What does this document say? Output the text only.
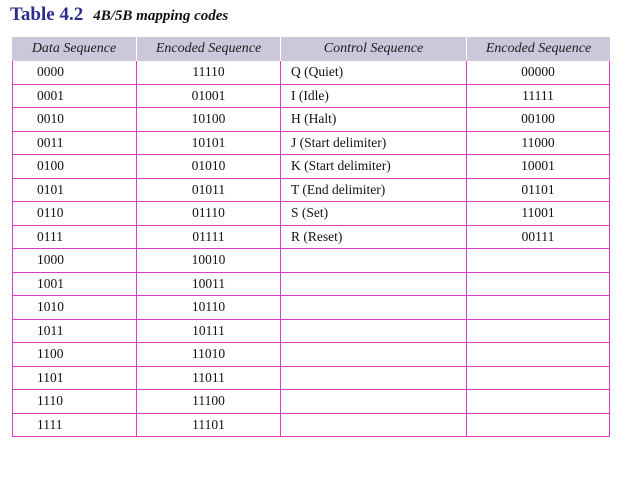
Table 4.2 4B/5B mapping codes
Data Sequence	Encoded Sequence	Control Sequence	Encoded Sequence
0000	11110	Q (Quiet)	00000
0001	01001	I (Idle)	11111
0010	10100	H (Halt)	00100
0011	10101	J (Start delimiter)	11000
0100	01010	K (Start delimiter)	10001
0101	01011	T (End delimiter)	01101
0110	01110	S (Set)	11001
0111	01111	R (Reset)	00111
1000	10010
1001	10011
1010	10110
1011	10111
1100	11010
1101	11011
1110	11100
1111	11101
